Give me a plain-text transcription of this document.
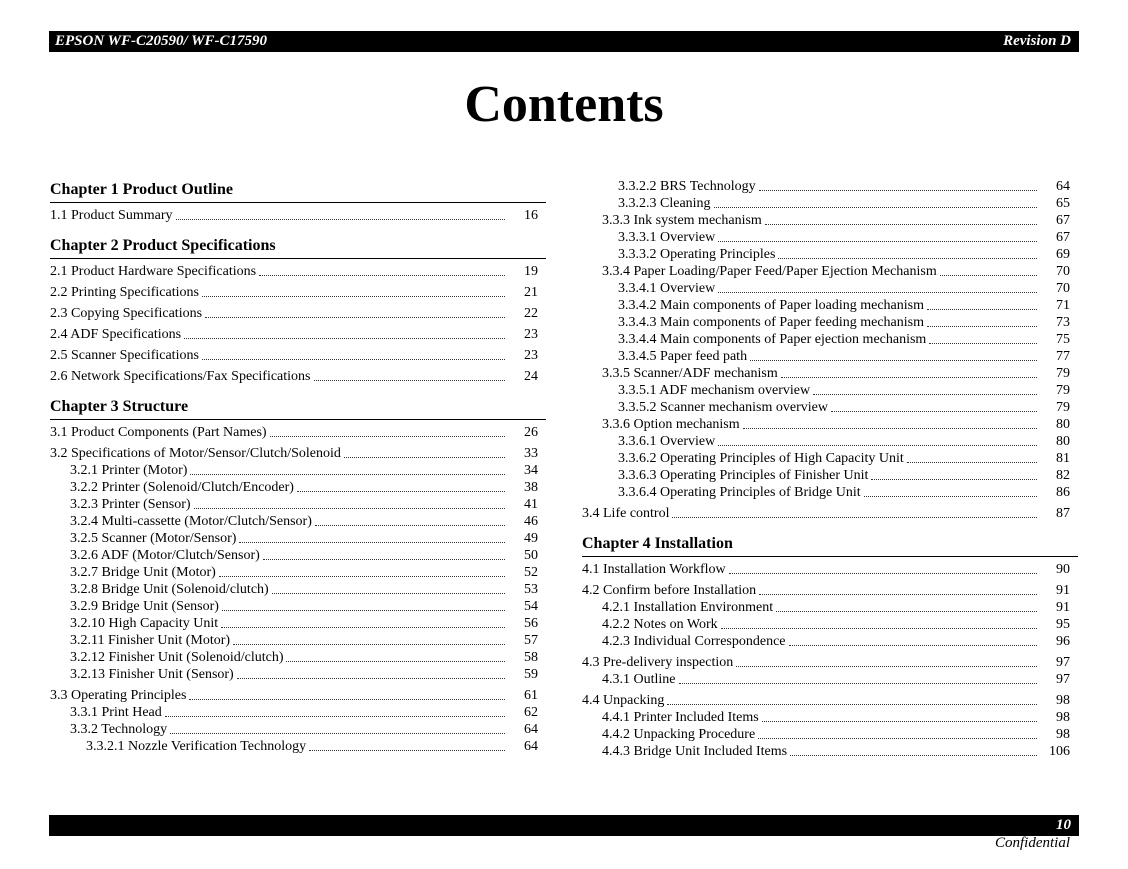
EPSON WF-C20590/ WF-C17590	Revision D
Contents
Chapter 1 Product Outline
1.1 Product Summary	16
Chapter 2 Product Specifications
2.1 Product Hardware Specifications	19
2.2 Printing Specifications	21
2.3 Copying Specifications	22
2.4 ADF Specifications	23
2.5 Scanner Specifications	23
2.6 Network Specifications/Fax Specifications	24
Chapter 3 Structure
3.1 Product Components (Part Names)	26
3.2 Specifications of Motor/Sensor/Clutch/Solenoid	33
3.2.1 Printer (Motor)	34
3.2.2 Printer (Solenoid/Clutch/Encoder)	38
3.2.3 Printer (Sensor)	41
3.2.4 Multi-cassette (Motor/Clutch/Sensor)	46
3.2.5 Scanner (Motor/Sensor)	49
3.2.6 ADF (Motor/Clutch/Sensor)	50
3.2.7 Bridge Unit (Motor)	52
3.2.8 Bridge Unit (Solenoid/clutch)	53
3.2.9 Bridge Unit (Sensor)	54
3.2.10 High Capacity Unit	56
3.2.11 Finisher Unit (Motor)	57
3.2.12 Finisher Unit (Solenoid/clutch)	58
3.2.13 Finisher Unit (Sensor)	59
3.3 Operating Principles	61
3.3.1 Print Head	62
3.3.2 Technology	64
3.3.2.1 Nozzle Verification Technology	64
3.3.2.2 BRS Technology	64
3.3.2.3 Cleaning	65
3.3.3 Ink system mechanism	67
3.3.3.1 Overview	67
3.3.3.2 Operating Principles	69
3.3.4 Paper Loading/Paper Feed/Paper Ejection Mechanism	70
3.3.4.1 Overview	70
3.3.4.2 Main components of Paper loading mechanism	71
3.3.4.3 Main components of Paper feeding mechanism	73
3.3.4.4 Main components of Paper ejection mechanism	75
3.3.4.5 Paper feed path	77
3.3.5 Scanner/ADF mechanism	79
3.3.5.1 ADF mechanism overview	79
3.3.5.2 Scanner mechanism overview	79
3.3.6 Option mechanism	80
3.3.6.1 Overview	80
3.3.6.2 Operating Principles of High Capacity Unit	81
3.3.6.3 Operating Principles of Finisher Unit	82
3.3.6.4 Operating Principles of Bridge Unit	86
3.4 Life control	87
Chapter 4 Installation
4.1 Installation Workflow	90
4.2 Confirm before Installation	91
4.2.1 Installation Environment	91
4.2.2 Notes on Work	95
4.2.3 Individual Correspondence	96
4.3 Pre-delivery inspection	97
4.3.1 Outline	97
4.4 Unpacking	98
4.4.1 Printer Included Items	98
4.4.2 Unpacking Procedure	98
4.4.3 Bridge Unit Included Items	106
10
Confidential
